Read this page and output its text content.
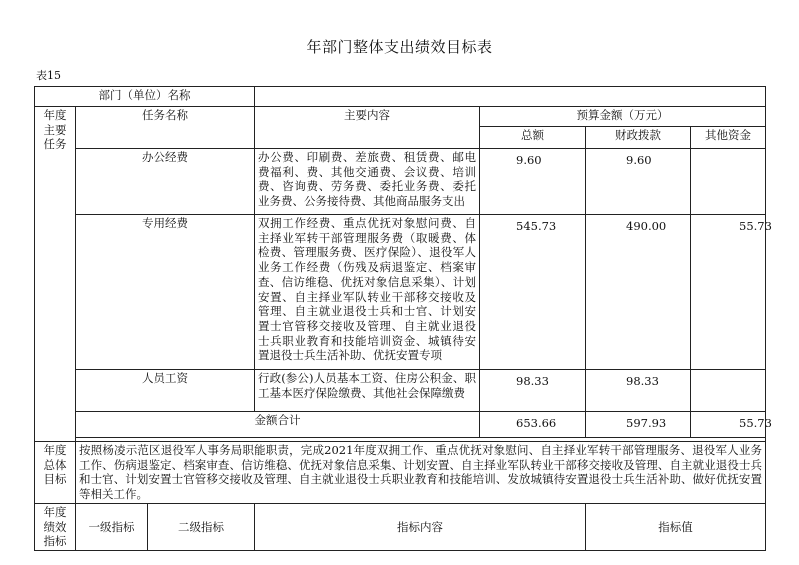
年部门整体支出绩效目标表
表15
部门（单位）名称						
年度主要任务	任务名称		主要内容	预算金额（万元）		
				总额	财政拨款	其他资金
	办公经费		办公费、印刷费、差旅费、租赁费、邮电费福利、费、其他交通费、会议费、培训费、咨询费、劳务费、委托业务费、委托业务费、公务接待费、其他商品服务支出	9.60	9.60	
	专用经费		双拥工作经费、重点优抚对象慰问费、自主择业军转干部管理服务费（取暖费、体检费、管理服务费、医疗保险）、退役军人业务工作经费（伤残及病退鉴定、档案审查、信访维稳、优抚对象信息采集）、计划安置、自主择业军队转业干部移交接收及管理、自主就业退役士兵和士官、计划安置士官管移交接收及管理、自主就业退役士兵职业教育和技能培训资金、城镇待安置退役士兵生活补助、优抚安置专项	545.73	490.00	55.73
	人员工资		行政(参公)人员基本工资、住房公积金、职工基本医疗保险缴费、其他社会保障缴费	98.33	98.33	
	金额合计			653.66	597.93	55.73

年度总体目标	按照杨凌示范区退役军人事务局职能职责，完成2021年度双拥工作、重点优抚对象慰问、自主择业军转干部管理服务、退役军人业务工作、伤病退鉴定、档案审查、信访维稳、优抚对象信息采集、计划安置、自主择业军队转业干部移交接收及管理、自主就业退役士兵和士官、计划安置士官管移交接收及管理、自主就业退役士兵职业教育和技能培训、发放城镇待安置退役士兵生活补助、做好优抚安置等相关工作。					
年度绩效指标	一级指标	二级指标	指标内容		指标值	
